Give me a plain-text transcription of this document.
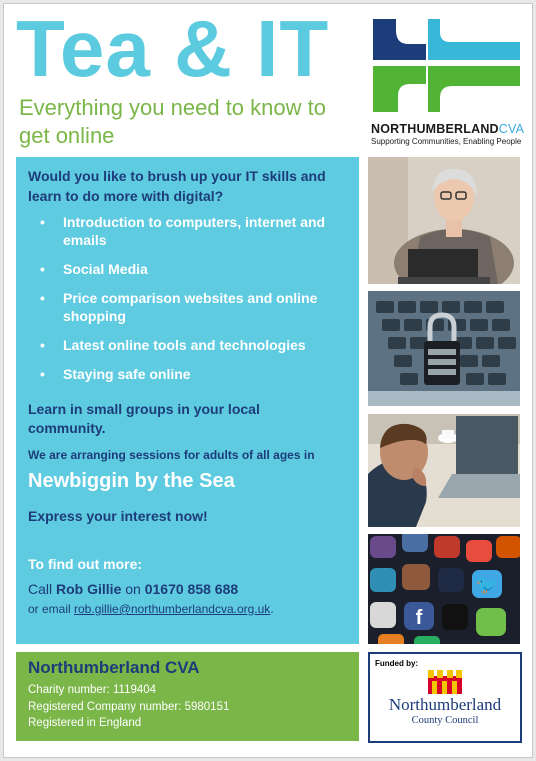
Tea & IT
Everything you need to know to get online	NORTHUMBERLANDCVA
Supporting Communities, Enabling People

Would you like to brush up your IT skills and learn to do more with digital?

• Introduction to computers, internet and emails
• Social Media
• Price comparison websites and online shopping
• Latest online tools and technologies
• Staying safe online

Learn in small groups in your local community.

We are arranging sessions for adults of all ages in

Newbiggin by the Sea

Express your interest now!

To find out more:

Call Rob Gillie on 01670 858 688

or email rob.gillie@northumberlandcva.org.uk.

🐦
f

Northumberland CVA

Charity number: 1119404

Registered Company number: 5980151

Registered in England

Funded by:
Northumberland
County Council
